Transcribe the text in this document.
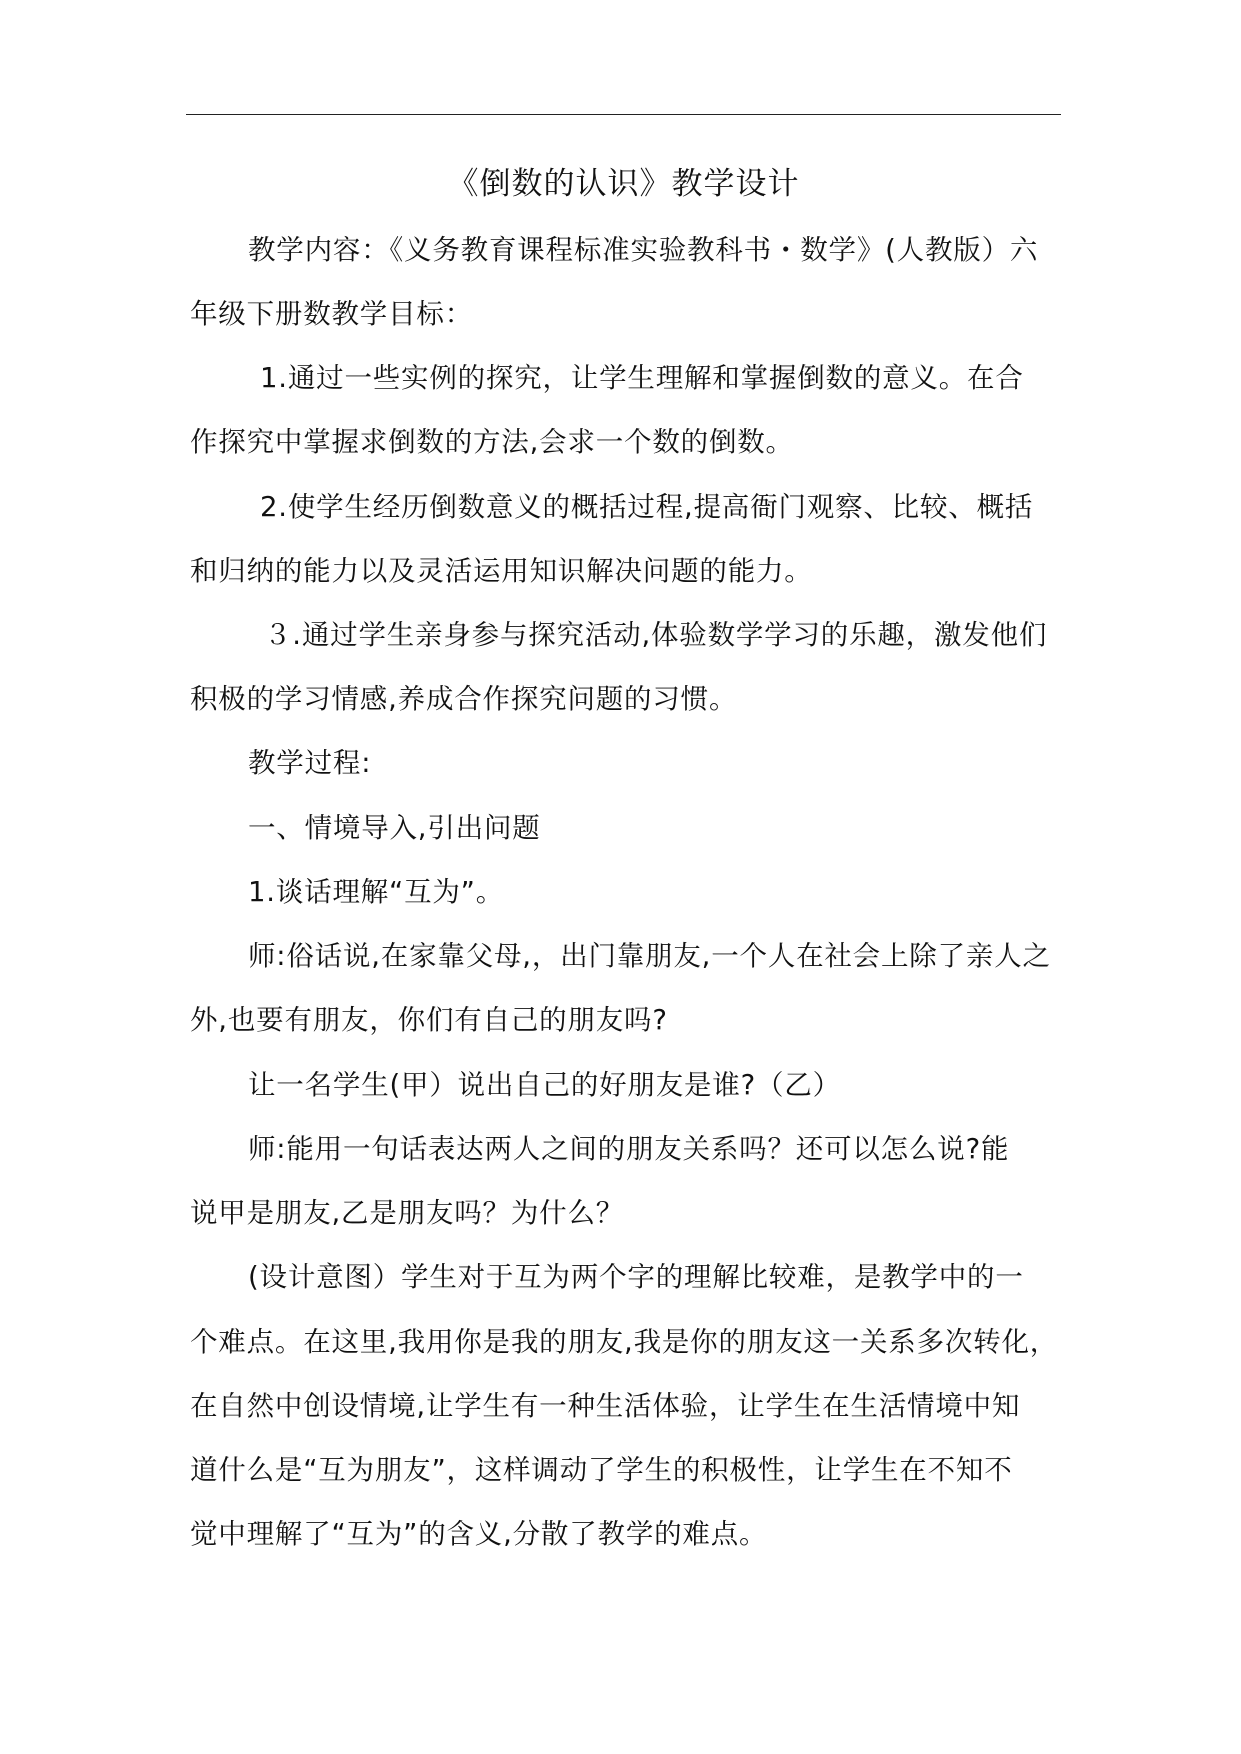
《倒数的认识》教学设计
教学内容：《义务教育课程标准实验教科书・数学》(人教版）六
年级下册数教学目标：
1.通过一些实例的探究，让学生理解和掌握倒数的意义。在合
作探究中掌握求倒数的方法,会求一个数的倒数。
2.使学生经历倒数意义的概括过程,提高衙门观察、比较、概括
和归纳的能力以及灵活运用知识解决问题的能力。
３.通过学生亲身参与探究活动,体验数学学习的乐趣，激发他们
积极的学习情感,养成合作探究问题的习惯。
教学过程:
一、情境导入,引出问题
1.谈话理解“互为”。
师:俗话说,在家靠父母,，出门靠朋友,一个人在社会上除了亲人之
外,也要有朋友，你们有自己的朋友吗?
让一名学生(甲）说出自己的好朋友是谁?（乙）
师:能用一句话表达两人之间的朋友关系吗？还可以怎么说?能
说甲是朋友,乙是朋友吗？为什么？
(设计意图）学生对于互为两个字的理解比较难，是教学中的一
个难点。在这里,我用你是我的朋友,我是你的朋友这一关系多次转化，
在自然中创设情境,让学生有一种生活体验，让学生在生活情境中知
道什么是“互为朋友”，这样调动了学生的积极性，让学生在不知不
觉中理解了“互为”的含义,分散了教学的难点。
